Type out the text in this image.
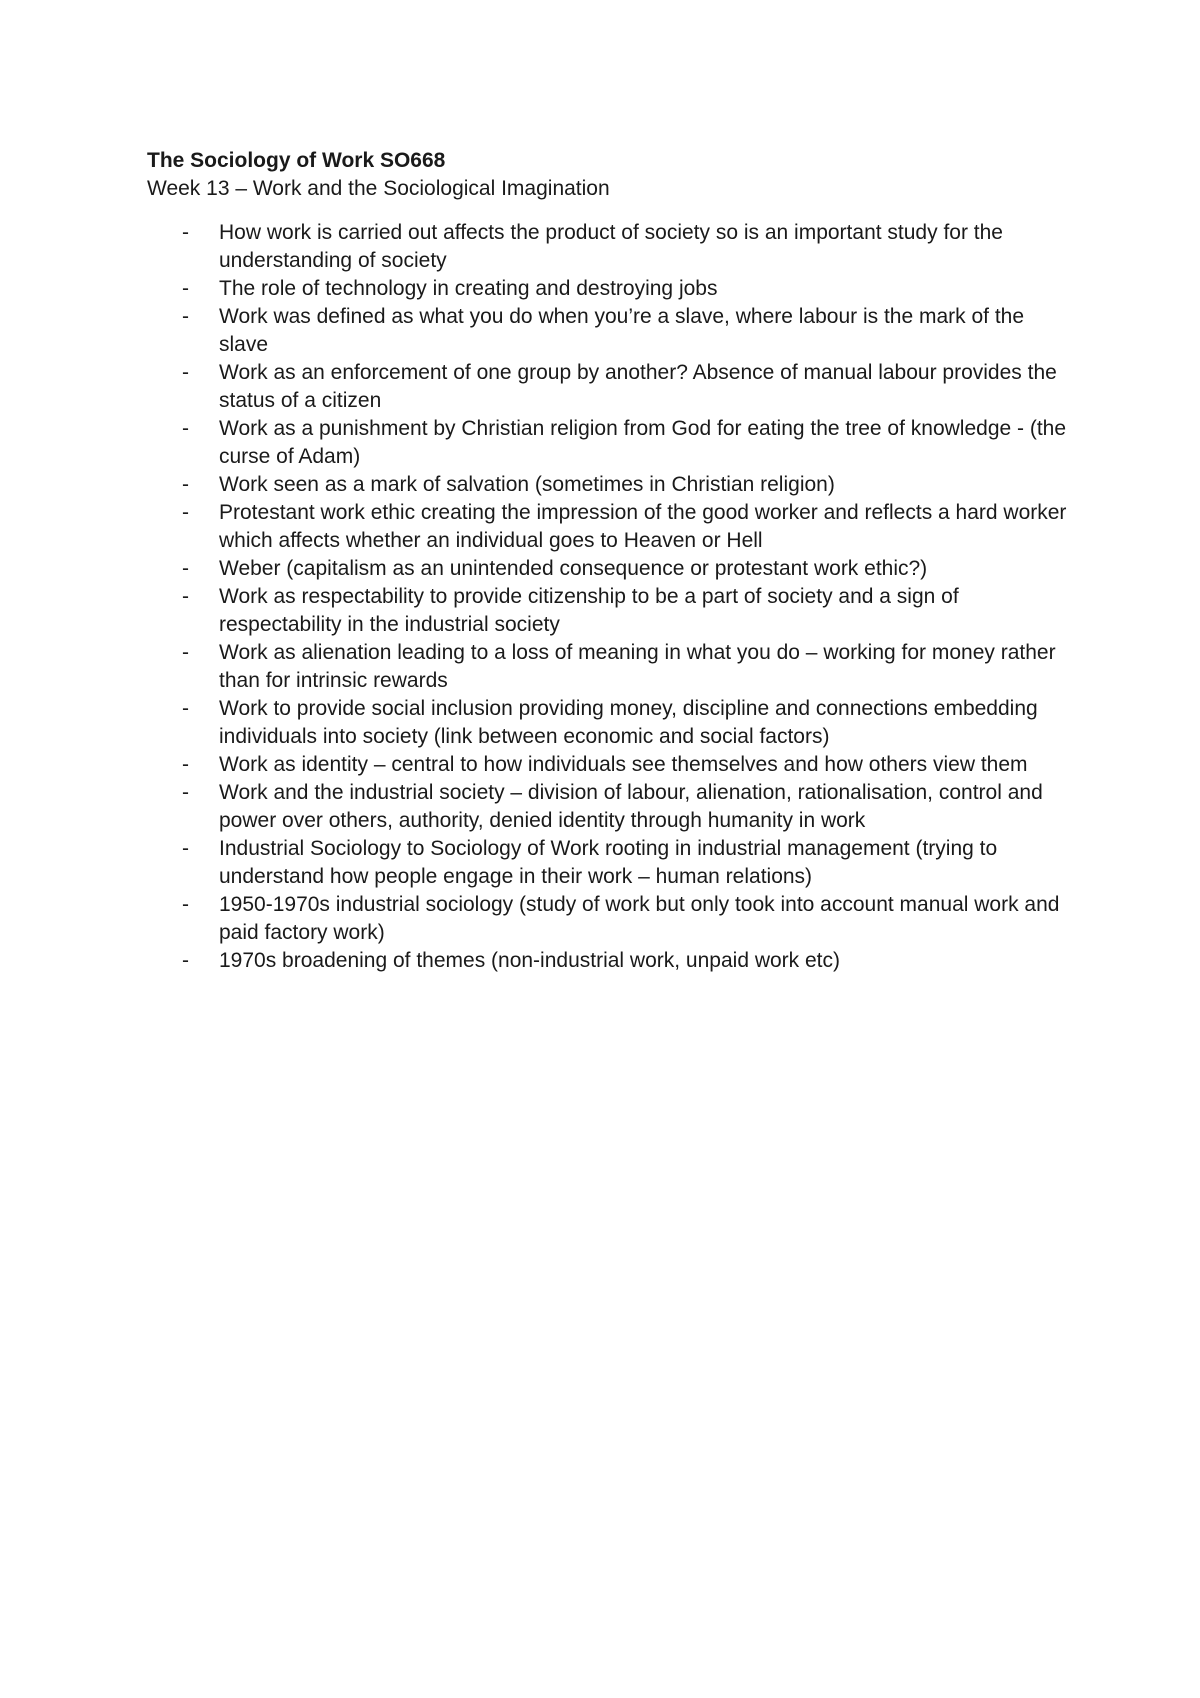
The Sociology of Work SO668

Week 13 – Work and the Sociological Imagination

- How work is carried out affects the product of society so is an important study for the understanding of society
- The role of technology in creating and destroying jobs
- Work was defined as what you do when you’re a slave, where labour is the mark of the slave
- Work as an enforcement of one group by another? Absence of manual labour provides the status of a citizen
- Work as a punishment by Christian religion from God for eating the tree of knowledge - (the curse of Adam)
- Work seen as a mark of salvation (sometimes in Christian religion)
- Protestant work ethic creating the impression of the good worker and reflects a hard worker which affects whether an individual goes to Heaven or Hell
- Weber (capitalism as an unintended consequence or protestant work ethic?)
- Work as respectability to provide citizenship to be a part of society and a sign of respectability in the industrial society
- Work as alienation leading to a loss of meaning in what you do – working for money rather than for intrinsic rewards
- Work to provide social inclusion providing money, discipline and connections embedding individuals into society (link between economic and social factors)
- Work as identity – central to how individuals see themselves and how others view them
- Work and the industrial society – division of labour, alienation, rationalisation, control and power over others, authority, denied identity through humanity in work
- Industrial Sociology to Sociology of Work rooting in industrial management (trying to understand how people engage in their work – human relations)
- 1950-1970s industrial sociology (study of work but only took into account manual work and paid factory work)
- 1970s broadening of themes (non-industrial work, unpaid work etc)
